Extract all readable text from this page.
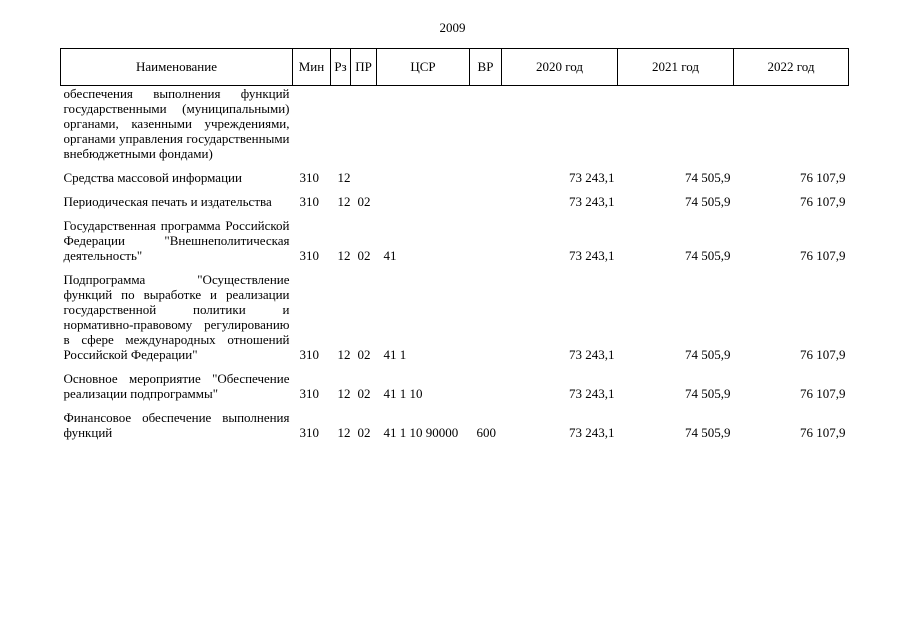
2009
Наименование	Мин	Рз	ПР	ЦСР	ВР	2020 год	2021 год	2022 год
обеспечения выполнения функций государственными (муниципальными) органами, казенными учреждениями, органами управления государственными внебюджетными фондами)								

Средства массовой информации	310	12				73 243,1	74 505,9	76 107,9

Периодическая печать и издательства	310	12	02			73 243,1	74 505,9	76 107,9

Государственная программа Российской Федерации "Внешнеполитическая деятельность"	310	12	02	41		73 243,1	74 505,9	76 107,9

Подпрограмма "Осуществление функций по выработке и реализации государственной политики и нормативно-правовому регулированию в сфере международных отношений Российской Федерации"	310	12	02	41 1		73 243,1	74 505,9	76 107,9

Основное мероприятие "Обеспечение реализации подпрограммы"	310	12	02	41 1 10		73 243,1	74 505,9	76 107,9

Финансовое обеспечение выполнения функций	310	12	02	41 1 10 90000	600	73 243,1	74 505,9	76 107,9
